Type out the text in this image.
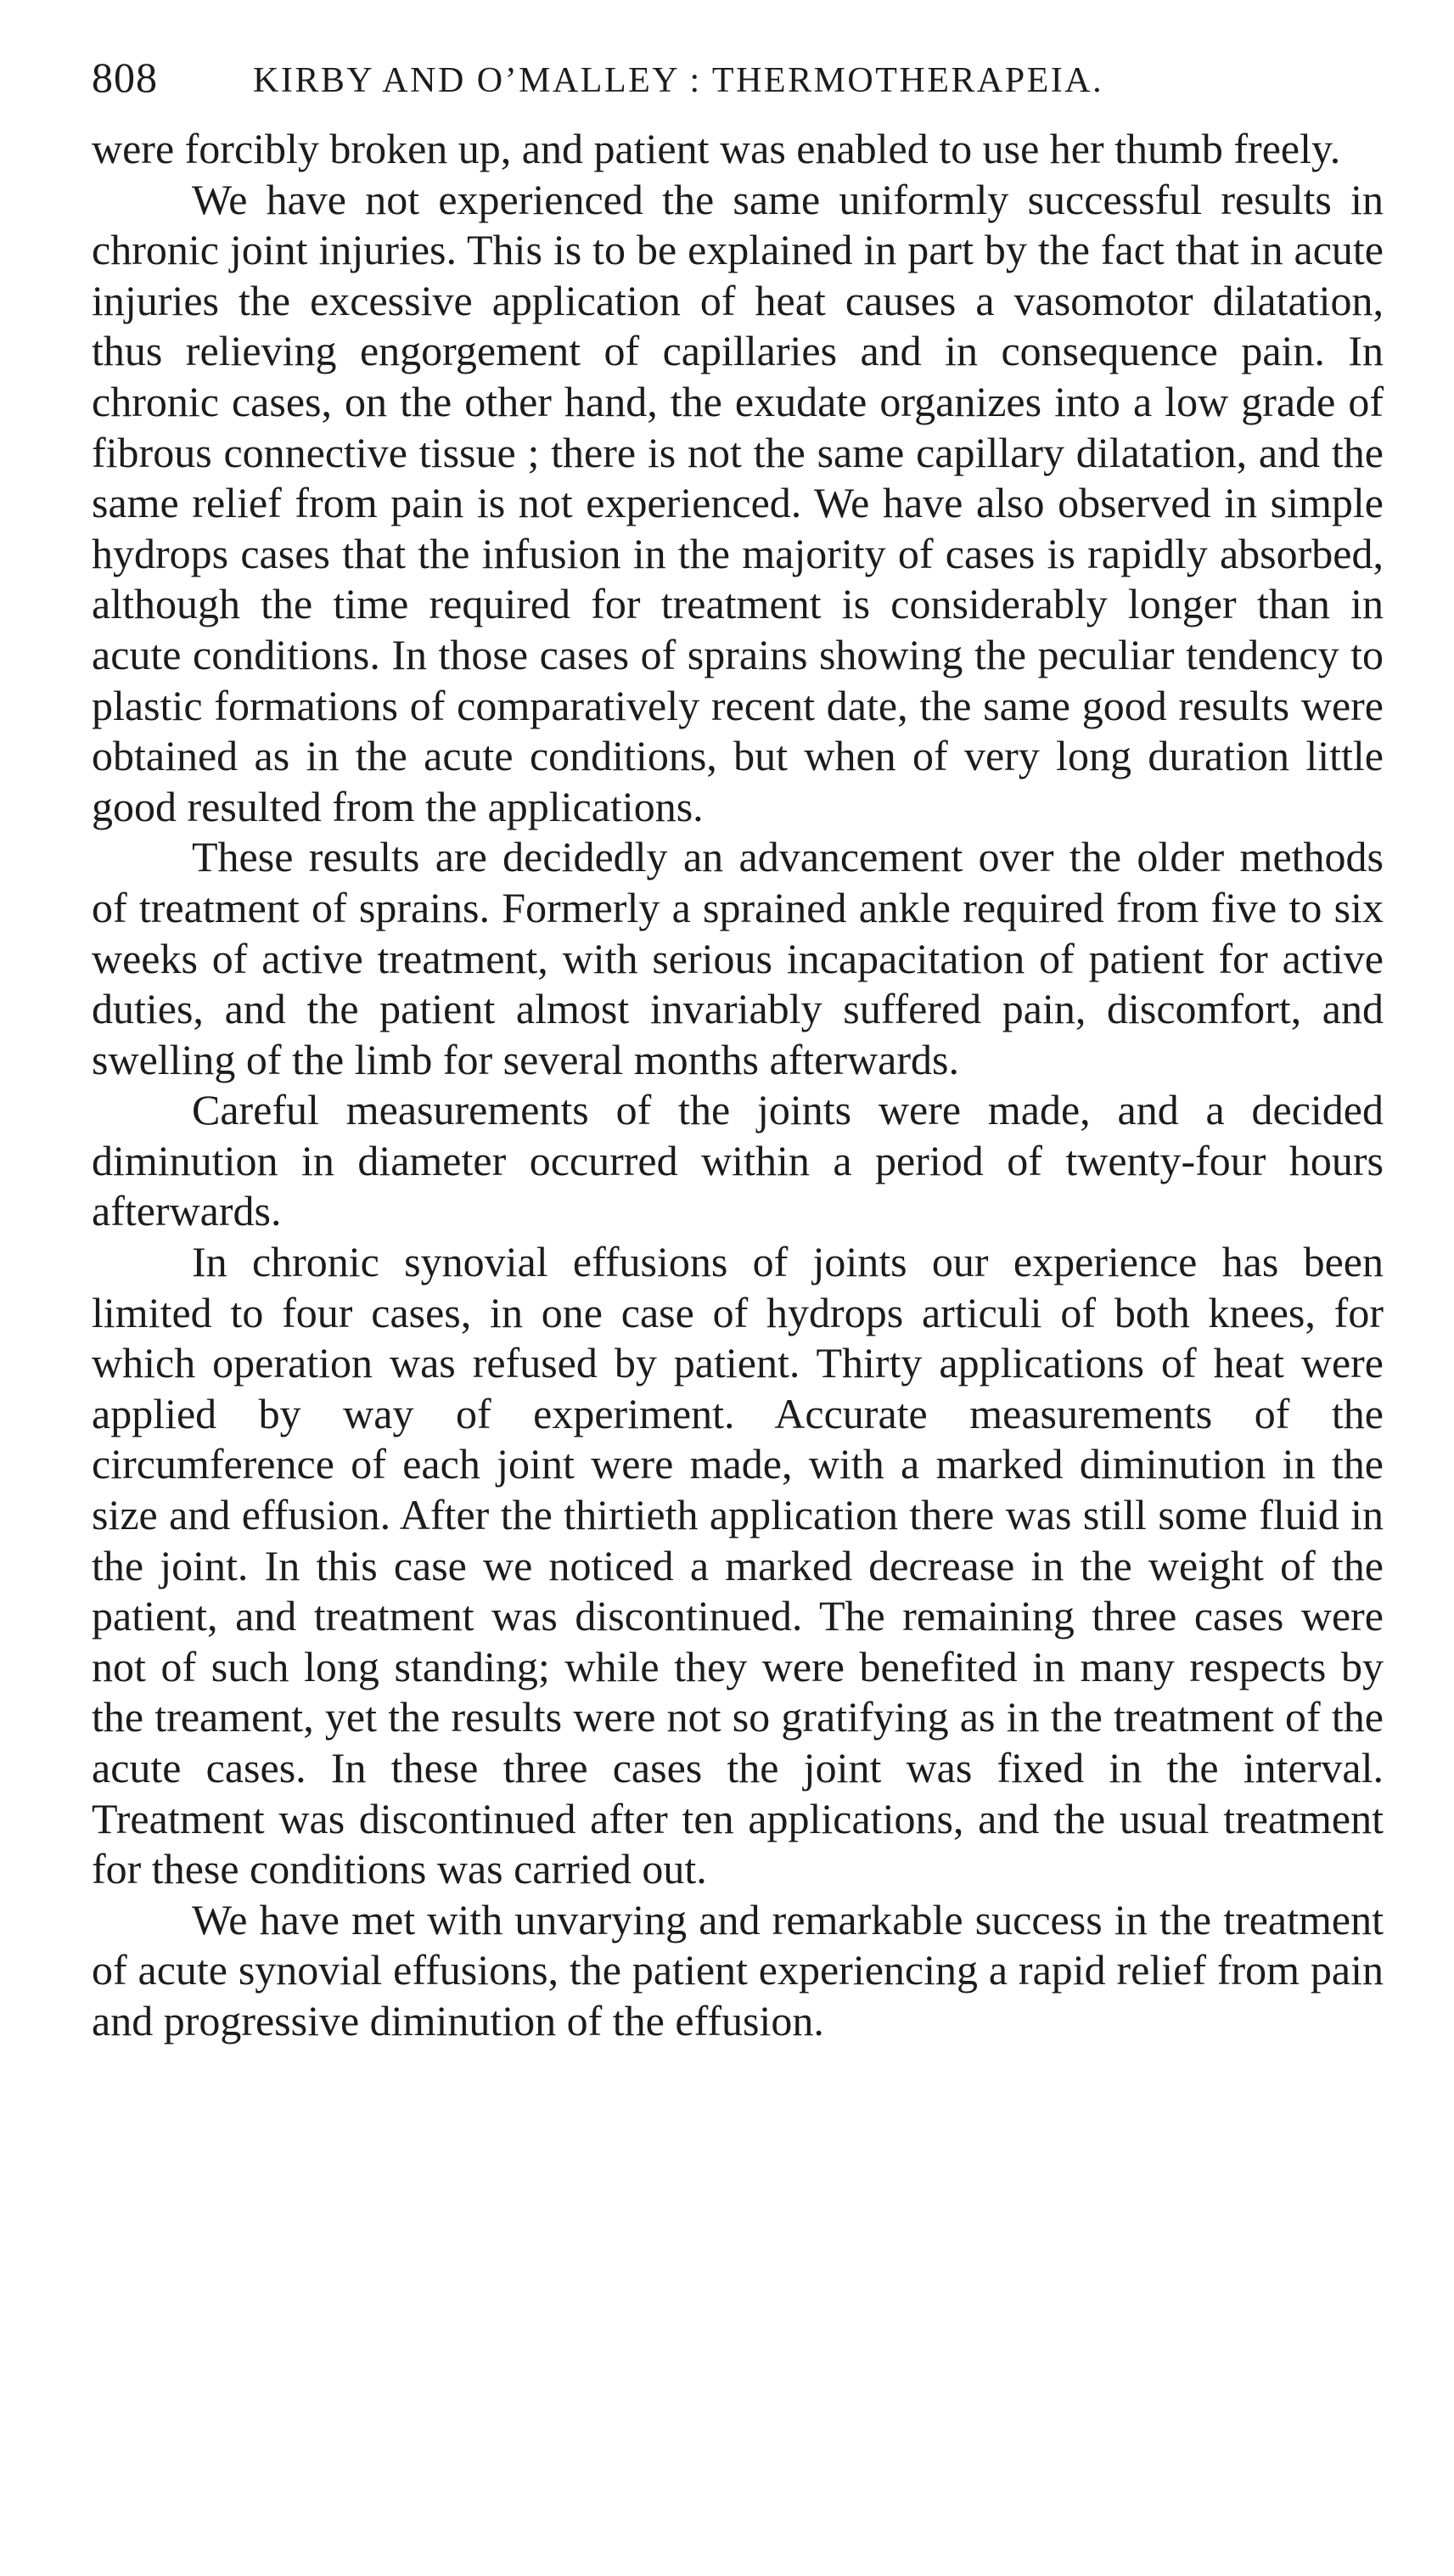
808	KIRBY AND O’MALLEY : THERMOTHERAPEIA.

were forcibly broken up, and patient was enabled to use her thumb freely.

We have not experienced the same uniformly successful results in chronic joint injuries. This is to be explained in part by the fact that in acute injuries the excessive application of heat causes a vasomotor dilatation, thus relieving engorgement of capillaries and in consequence pain. In chronic cases, on the other hand, the exudate organizes into a low grade of fibrous connective tissue ; there is not the same capillary dilatation, and the same relief from pain is not experienced. We have also observed in simple hydrops cases that the infusion in the majority of cases is rapidly absorbed, although the time required for treatment is considerably longer than in acute conditions. In those cases of sprains showing the peculiar tendency to plastic formations of comparatively recent date, the same good results were obtained as in the acute conditions, but when of very long duration little good resulted from the applications.

These results are decidedly an advancement over the older methods of treatment of sprains. Formerly a sprained ankle required from five to six weeks of active treatment, with serious incapacitation of patient for active duties, and the patient almost invariably suffered pain, discomfort, and swelling of the limb for several months afterwards.

Careful measurements of the joints were made, and a decided diminution in diameter occurred within a period of twenty-four hours afterwards.

In chronic synovial effusions of joints our experience has been limited to four cases, in one case of hydrops articuli of both knees, for which operation was refused by patient. Thirty applications of heat were applied by way of experiment. Accurate measurements of the circumference of each joint were made, with a marked diminution in the size and effusion. After the thirtieth application there was still some fluid in the joint. In this case we noticed a marked decrease in the weight of the patient, and treatment was discontinued. The remaining three cases were not of such long standing; while they were benefited in many respects by the treament, yet the results were not so gratifying as in the treatment of the acute cases. In these three cases the joint was fixed in the interval. Treatment was discontinued after ten applications, and the usual treatment for these conditions was carried out.

We have met with unvarying and remarkable success in the treatment of acute synovial effusions, the patient experiencing a rapid relief from pain and progressive diminution of the effusion.
